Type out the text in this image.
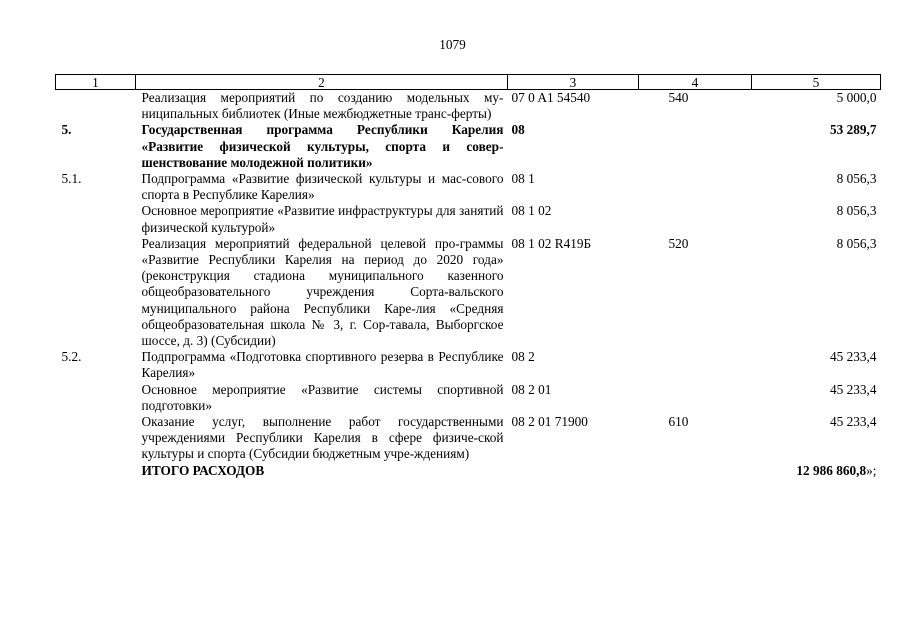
1079
1	2	3	4	5
	Реализация мероприятий по созданию модельных му-ниципальных библиотек (Иные межбюджетные транс-ферты)	07 0 A1 54540	540	5 000,0
5.	Государственная программа Республики Карелия «Развитие физической культуры, спорта и совер-шенствование молодежной политики»	08		53 289,7
5.1.	Подпрограмма «Развитие физической культуры и мас-сового спорта в Республике Карелия»	08 1		8 056,3
	Основное мероприятие «Развитие инфраструктуры для занятий физической культурой»	08 1 02		8 056,3
	Реализация мероприятий федеральной целевой про-граммы «Развитие Республики Карелия на период до 2020 года» (реконструкция стадиона муниципального казенного общеобразовательного учреждения Сорта-вальского муниципального района Республики Каре-лия «Средняя общеобразовательная школа № 3, г. Сор-тавала, Выборгское шоссе, д. 3) (Субсидии)	08 1 02 R419Б	520	8 056,3
5.2.	Подпрограмма «Подготовка спортивного резерва в Республике Карелия»	08 2		45 233,4
	Основное мероприятие «Развитие системы спортивной подготовки»	08 2 01		45 233,4
	Оказание услуг, выполнение работ государственными учреждениями Республики Карелия в сфере физиче-ской культуры и спорта (Субсидии бюджетным учре-ждениям)	08 2 01 71900	610	45 233,4
	ИТОГО РАСХОДОВ		12 986 860,8»;	
